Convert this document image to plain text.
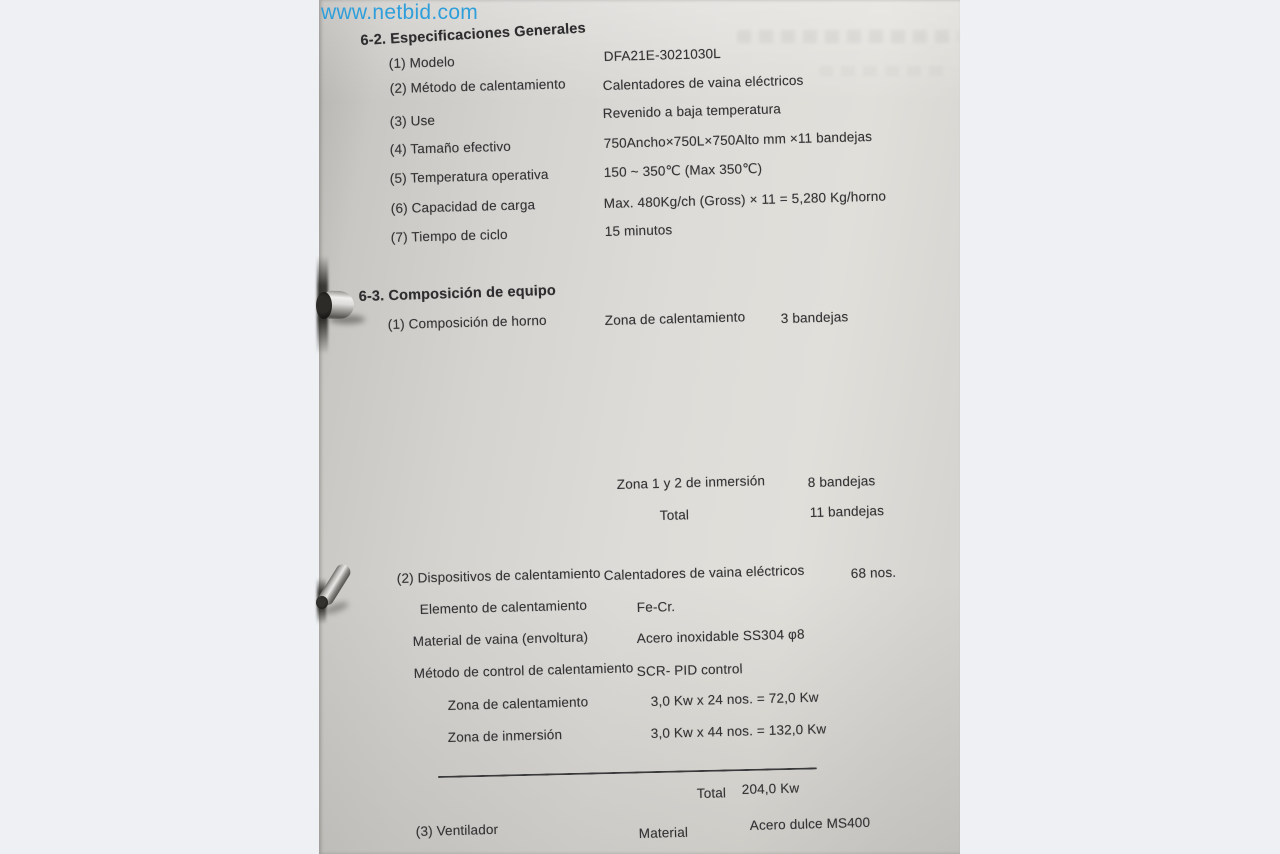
www.netbid.com
6-2. Especificaciones Generales
(1) Modelo	DFA21E-3021030L
(2) Método de calentamiento	Calentadores de vaina eléctricos
(3) Use	Revenido a baja temperatura
(4) Tamaño efectivo	750Ancho×750L×750Alto mm ×11 bandejas
(5) Temperatura operativa	150 ~ 350℃ (Max 350℃)
(6) Capacidad de carga	Max. 480Kg/ch (Gross) × 11 = 5,280 Kg/horno
(7) Tiempo de ciclo	15 minutos
6-3. Composición de equipo
(1) Composición de horno	Zona de calentamiento	3 bandejas
Zona 1 y 2 de inmersión	8 bandejas
Total	11 bandejas
(2) Dispositivos de calentamiento Calentadores de vaina eléctricos	68 nos.
Elemento de calentamiento	Fe-Cr.
Material de vaina (envoltura)	Acero inoxidable SS304 φ8
Método de control de calentamiento SCR- PID control
Zona de calentamiento	3,0 Kw x 24 nos. = 72,0 Kw
Zona de inmersión	3,0 Kw x 44 nos. = 132,0 Kw
Total 204,0 Kw
(3) Ventilador	Material	Acero dulce MS400
